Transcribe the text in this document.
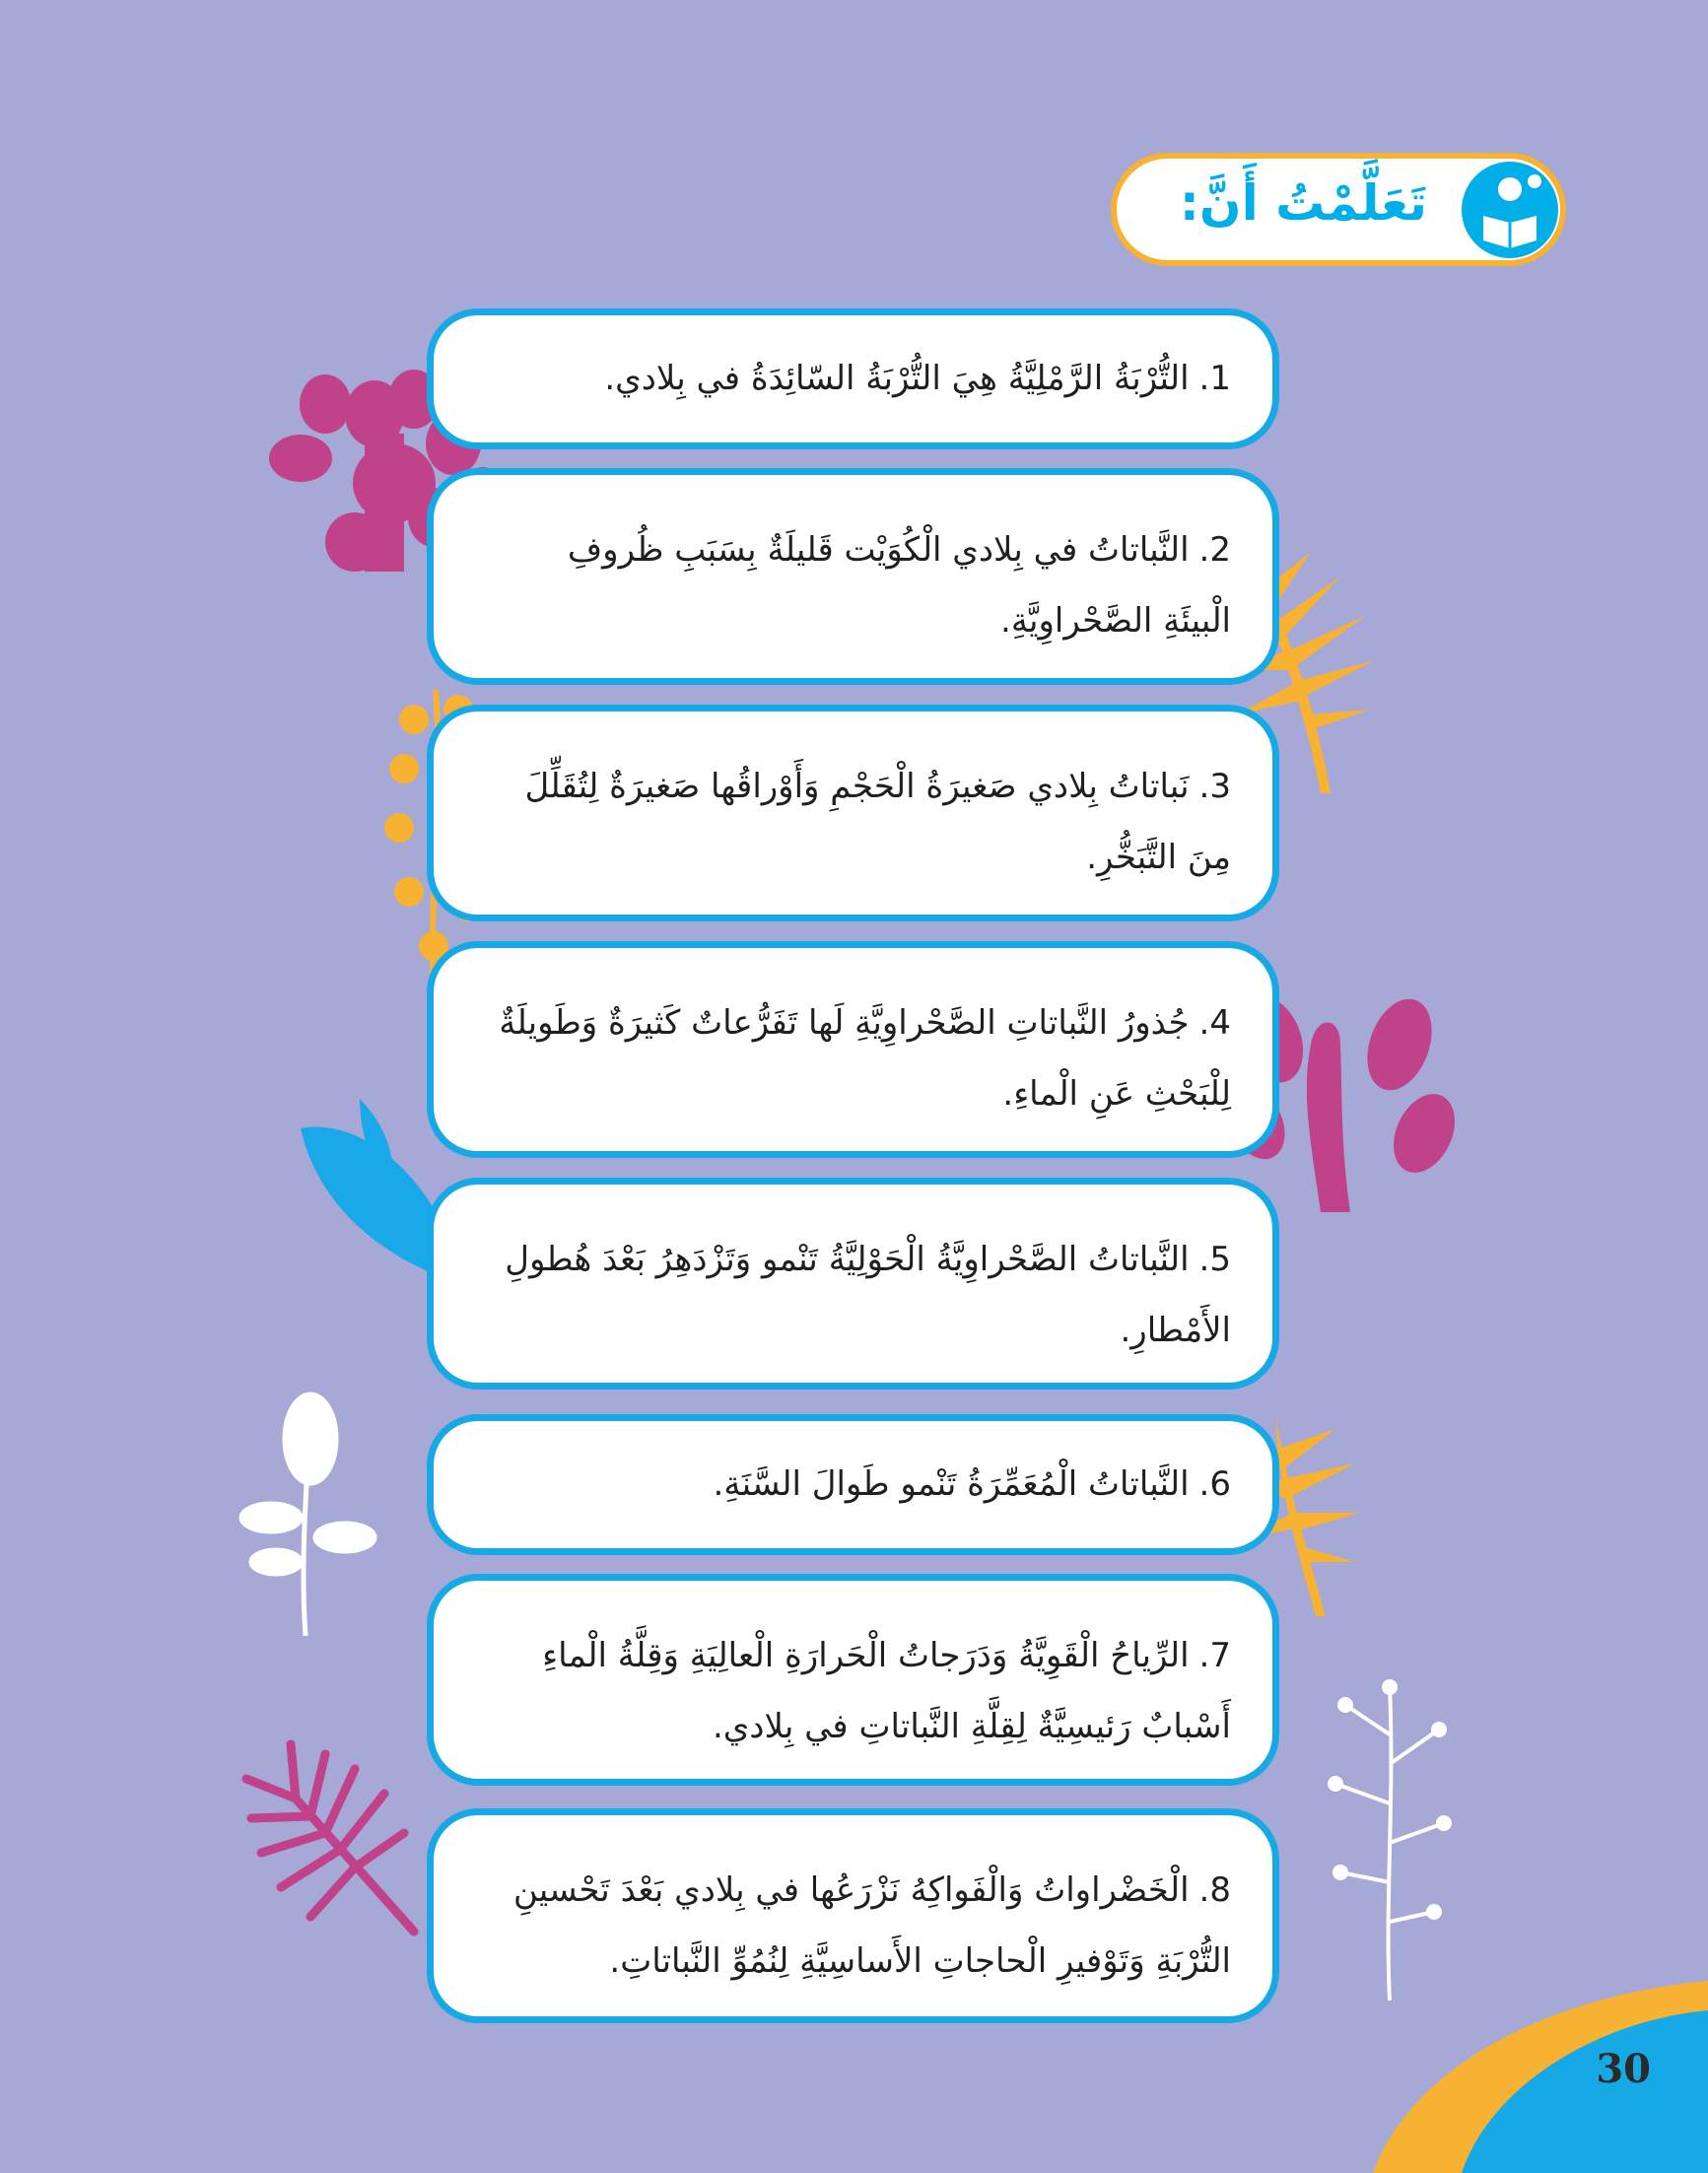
تَعَلَّمْتُ أَنَّ:
1.التُّرْبَةُ الرَّمْلِيَّةُ هِيَ التُّرْبَةُ السّائِدَةُ في بِلادي.
2.النَّباتاتُ في بِلادي الْكُوَيْت قَليلَةٌ بِسَبَبِ ظُروفِ الْبيئَةِ الصَّحْراوِيَّةِ.
3.نَباتاتُ بِلادي صَغيرَةُ الْحَجْمِ وَأَوْراقُها صَغيرَةٌ لِتُقَلِّلَ مِنَ التَّبَخُّرِ.
4.جُذورُ النَّباتاتِ الصَّحْراوِيَّةِ لَها تَفَرُّعاتٌ كَثيرَةٌ وَطَويلَةٌ لِلْبَحْثِ عَنِ الْماءِ.
5.النَّباتاتُ الصَّحْراوِيَّةُ الْحَوْلِيَّةُ تَنْمو وَتَزْدَهِرُ بَعْدَ هُطولِ الأَمْطارِ.
6.النَّباتاتُ الْمُعَمِّرَةُ تَنْمو طَوالَ السَّنَةِ.
7.الرِّياحُ الْقَوِيَّةُ وَدَرَجاتُ الْحَرارَةِ الْعالِيَةِ وَقِلَّةُ الْماءِ أَسْبابٌ رَئيسِيَّةٌ لِقِلَّةِ النَّباتاتِ في بِلادي.
8.الْخَضْراواتُ وَالْفَواكِهُ نَزْرَعُها في بِلادي بَعْدَ تَحْسينِ التُّرْبَةِ وَتَوْفيرِ الْحاجاتِ الأَساسِيَّةِ لِنُمُوِّ النَّباتاتِ.
30
